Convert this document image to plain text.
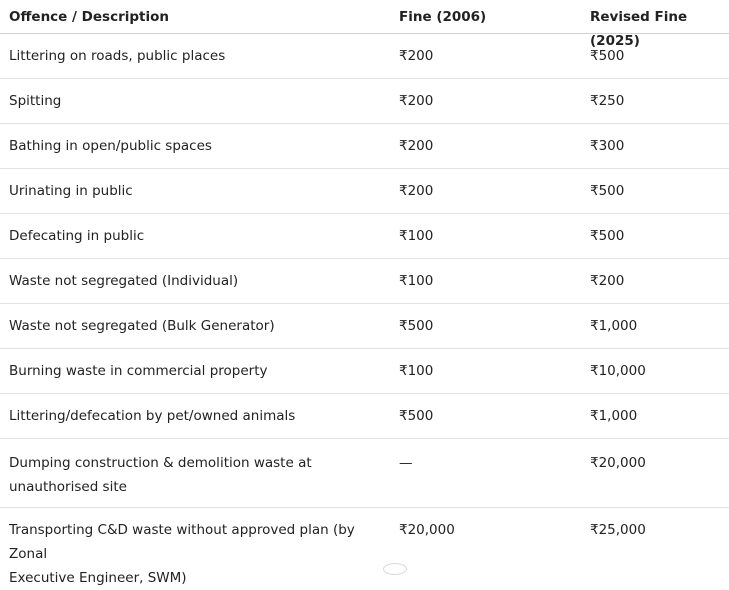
Offence / Description	Fine (2006)	Revised Fine (2025)
Littering on roads, public places	₹200	₹500
Spitting	₹200	₹250
Bathing in open/public spaces	₹200	₹300
Urinating in public	₹200	₹500
Defecating in public	₹100	₹500
Waste not segregated (Individual)	₹100	₹200
Waste not segregated (Bulk Generator)	₹500	₹1,000
Burning waste in commercial property	₹100	₹10,000
Littering/defecation by pet/owned animals	₹500	₹1,000
Dumping construction & demolition waste at
unauthorised site
—	₹20,000
Transporting C&D waste without approved plan (by Zonal
Executive Engineer, SWM)
₹20,000	₹25,000
